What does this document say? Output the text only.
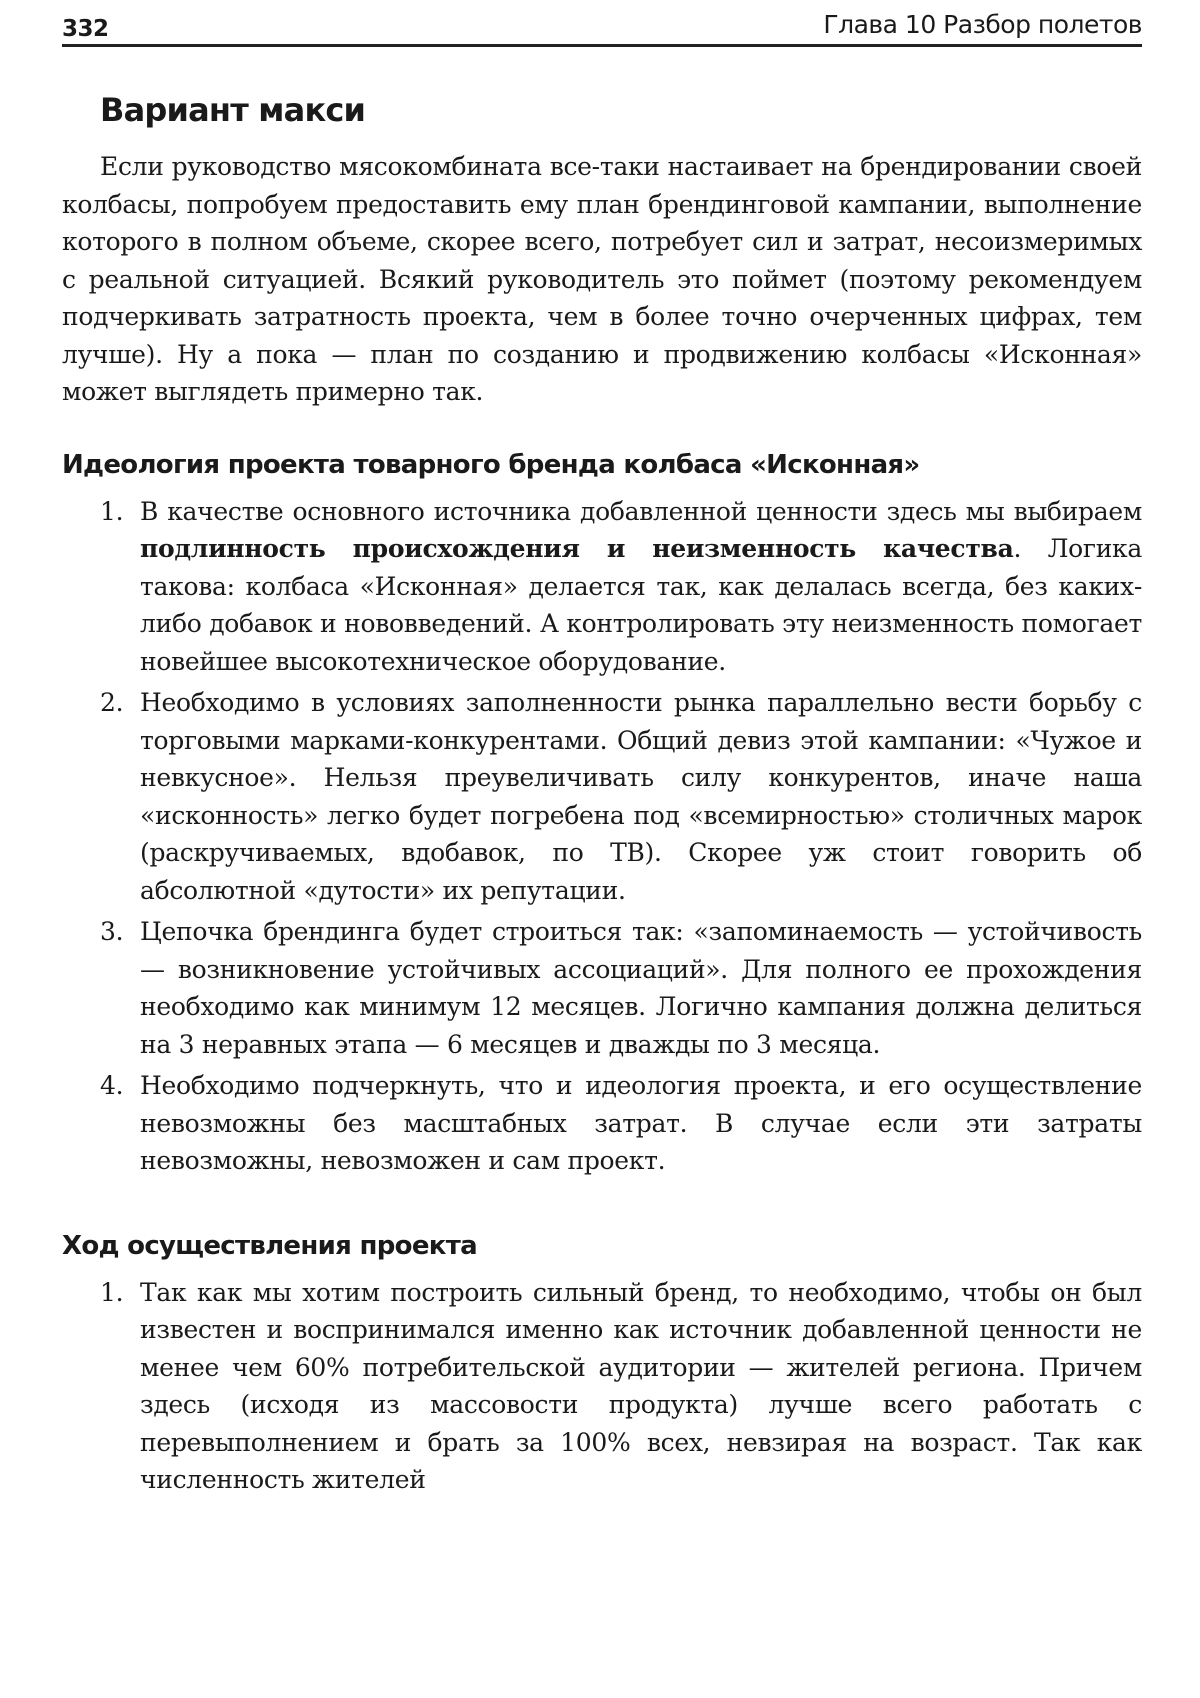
332	Глава 10 Разбор полетов
Вариант макси

Если руководство мясокомбината все-таки настаивает на брендировании своей колбасы, попробуем предоставить ему план брендинговой кампании, выполнение которого в полном объеме, скорее всего, потребует сил и затрат, несоизмеримых с реальной ситуацией. Всякий руководитель это поймет (поэтому рекомендуем подчеркивать затратность проекта, чем в более точно очерченных цифрах, тем лучше). Ну а пока — план по созданию и продвижению колбасы «Исконная» может выглядеть примерно так.

Идеология проекта товарного бренда колбаса «Исконная»
1. В качестве основного источника добавленной ценности здесь мы выбираем подлинность происхождения и неизменность качества. Логика такова: колбаса «Исконная» делается так, как делалась всегда, без каких-либо добавок и нововведений. А контролировать эту неизменность помогает новейшее высокотехническое оборудование.
2. Необходимо в условиях заполненности рынка параллельно вести борьбу с торговыми марками-конкурентами. Общий девиз этой кампании: «Чужое и невкусное». Нельзя преувеличивать силу конкурентов, иначе наша «исконность» легко будет погребена под «всемирностью» столичных марок (раскручиваемых, вдобавок, по ТВ). Скорее уж стоит говорить об абсолютной «дутости» их репутации.
3. Цепочка брендинга будет строиться так: «запоминаемость — устойчивость — возникновение устойчивых ассоциаций». Для полного ее прохождения необходимо как минимум 12 месяцев. Логично кампания должна делиться на 3 неравных этапа — 6 месяцев и дважды по 3 месяца.
4. Необходимо подчеркнуть, что и идеология проекта, и его осуществление невозможны без масштабных затрат. В случае если эти затраты невозможны, невозможен и сам проект.
Ход осуществления проекта
1. Так как мы хотим построить сильный бренд, то необходимо, чтобы он был известен и воспринимался именно как источник добавленной ценности не менее чем 60% потребительской аудитории — жителей региона. Причем здесь (исходя из массовости продукта) лучше всего работать с перевыполнением и брать за 100% всех, невзирая на возраст. Так как численность жителей
